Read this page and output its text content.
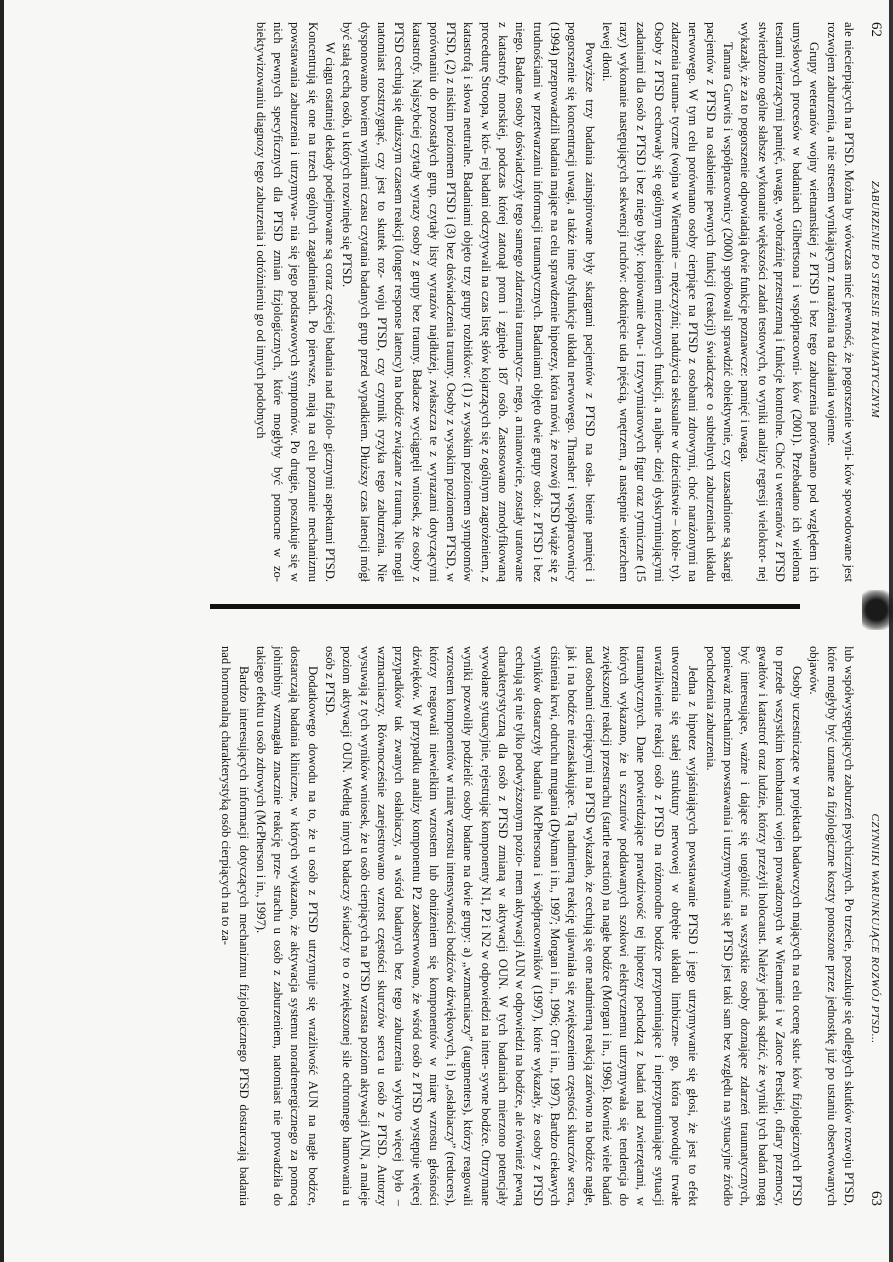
62
ZABURZENIE PO STRESIE TRAUMATYCZNYM

ale niecierpiących na PTSD. Można by wówczas mieć pewność, że pogorszenie wyni- ków spowodowane jest rozwojem zaburzenia, a nie stresem wynikającym z narażenia na działania wojenne.

Grupy weteranów wojny wietnamskiej z PTSD i bez tego zaburzenia porównano pod względem ich umysłowych procesów w badaniach Gilbertsona i współpracowni- ków (2001). Przebadano ich wieloma testami mierzącymi pamięć, uwagę, wyobraźnię przestrzenną i funkcje kontrolne. Choć u weteranów z PTSD stwierdzono ogólne słabsze wykonanie większości zadań testowych, to wyniki analizy regresji wielokrot- nej wykazały, że za to pogorszenie odpowiadają dwie funkcje poznawcze: pamięć i uwaga.

Tamara Gurwits i współpracownicy (2000) spróbowali sprawdzić obiektywnie, czy uzasadnione są skargi pacjentów z PTSD na osłabienie pewnych funkcji (reakcji) świadczące o subtelnych zaburzeniach układu nerwowego. W tym celu porównano osoby cierpiące na PTSD z osobami zdrowymi, choć narażonymi na zdarzenia trauma- tyczne (wojna w Wietnamie – mężczyźni; nadużycia seksualne w dzieciństwie – kobie- ty). Osoby z PTSD cechowały się ogólnym osłabieniem mierzonych funkcji, a najbar- dziej dyskryminującymi zadaniami dla osób z PTSD i bez niego były: kopiowanie dwu- i trzywymiarowych figur oraz rytmiczne (15 razy) wykonanie następujących sekwencji ruchów: dotknięcie uda pięścią, wnętrzem, a następnie wierzchem lewej dłoni.

Powyższe trzy badania zainspirowane były skargami pacjentów z PTSD na osła- bienie pamięci i pogorszenie się koncentracji uwagi, a także inne dysfunkcje układu nerwowego. Thrasher i współpracownicy (1994) przeprowadzili badania mające na celu sprawdzenie hipotezy, która mówi, że rozwój PTSD wiąże się z trudnościami w przetwarzaniu informacji traumatycznych. Badaniami objęto dwie grupy osób: z PTSD i bez niego. Badane osoby doświadczyły tego samego zdarzenia traumatycz- nego, a mianowicie, zostały uratowane z katastrofy morskiej, podczas której zatonął prom i zginęło 187 osób. Zastosowano zmodyfikowaną procedurę Stroopa, w któ- rej badani odczytywali na czas listę słów kojarzących się z ogólnym zagrożeniem, z katastrofą i słowa neutralne. Badaniami objęto trzy grupy rozbitków: (1) z wysokim poziomem symptomów PTSD, (2) z niskim poziomem PTSD i (3) bez doświadczenia traumy. Osoby z wysokim poziomem PTSD, w porównaniu do pozostałych grup, czytały listy wyrazów najdłużej, zwłaszcza te z wyrazami dotyczącymi katastrofy. Najszybciej czytały wyrazy osoby z grupy bez traumy. Badacze wyciągnęli wniosek, że osoby z PTSD cechują się dłuższym czasem reakcji (longer response latency) na bodźce związane z traumą. Nie mogli natomiast rozstrzygnąć, czy jest to skutek roz- woju PTSD, czy czynnik ryzyka tego zaburzenia. Nie dysponowano bowiem wynikami czasu czytania badanych grup przed wypadkiem. Dłuższy czas latencji mógł być stałą cechą osób, u których rozwinęło się PTSD.

W ciągu ostatniej dekady podejmowane są coraz częściej badania nad fizjolo- gicznymi aspektami PTSD. Koncentrują się one na trzech ogólnych zagadnieniach. Po pierwsze, mają na celu poznanie mechanizmu powstawania zaburzenia i utrzymywa- nia się jego podstawowych symptomów. Po drugie, poszukuje się w nich pewnych specyficznych dla PTSD zmian fizjologicznych, które mogłyby być pomocne w zo- biektywizowaniu diagnozy tego zaburzenia i odróżnieniu go od innych podobnych

CZYNNIKI WARUNKUJĄCE ROZWÓJ PTSD...
63

lub współwystępujących zaburzeń psychicznych. Po trzecie, poszukuje się odległych skutków rozwoju PTSD, które mogłyby być uznane za fizjologiczne koszty ponoszone przez jednostkę już po ustaniu obserwowanych objawów.

Osoby uczestniczące w projektach badawczych mających na celu ocenę skut- ków fizjologicznych PTSD to przede wszystkim kombatanci wojen prowadzonych w Wietnamie i w Zatoce Perskiej, ofiary przemocy, gwałtów i katastrof oraz ludzie, którzy przeżyli holocaust. Należy jednak sądzić, że wyniki tych badań mogą być interesujące, ważne i dające się uogólnić na wszystkie osoby doznające zdarzeń traumatycznych, ponieważ mechanizm powstawania i utrzymywania się PTSD jest taki sam bez względu na sytuacyjne źródło pochodzenia zaburzenia.

Jedna z hipotez wyjaśniających powstawanie PTSD i jego utrzymywanie się głosi, że jest to efekt utworzenia się stałej struktury nerwowej w obrębie układu limbiczne- go, która powoduje trwałe uwrażliwienie reakcji osób z PTSD na różnorodne bodźce przypominające i nieprzypominające sytuacji traumatycznych. Dane potwierdzające prawdziwość tej hipotezy pochodzą z badań nad zwierzętami, w których wykazano, że u szczurów poddawanych szokowi elektrycznemu utrzymywała się tendencja do zwiększonej reakcji przestrachu (startle reaction) na nagłe bodźce (Morgan i in., 1996). Również wiele badań nad osobami cierpiącymi na PTSD wykazało, że cechują się one nadmierną reakcją zarówno na bodźce nagłe, jak i na bodźce niezaskakujące. Tą nadmierną reakcję ujawniała się zwiększeniem częstości skurczów serca, ciśnienia krwi, odruchu mrugania (Dykman i in., 1997; Morgan i in., 1996; Orr i in., 1997). Bardzo ciekawych wyników dostarczyły badania McPhersona i współpracowników (1997), które wykazały, że osoby z PTSD cechują się nie tylko podwyższonym pozio- mem aktywacji AUN w odpowiedzi na bodźce, ale również pewną charakterystyczną dla osób z PTSD zmianą w aktywacji OUN. W tych badaniach mierzono potencjały wywołane sytuacyjnie, rejestrując komponenty N1, P2 i N2 w odpowiedzi na inten- sywne bodźce. Otrzymane wyniki pozwoliły podzielić osoby badane na dwie grupy: a) „wzmacniaczy” (augmenters), którzy reagowali wzrostem komponentów w miarę wzrostu intensywności bodźców dźwiękowych, i b) „osłabiaczy” (reducers), którzy reagowali niewielkim wzrostem lub obniżeniem się komponentów w miarę wzrostu głośności dźwięków. W przypadku analizy komponentu P2 zaobserwowano, że wśród osób z PTSD występuje więcej przypadków tak zwanych osłabiaczy, a wśród badanych bez tego zaburzenia wykryto więcej było – wzmacniaczy. Równocześnie zarejestrowano wzrost częstości skurczów serca u osób z PTSD. Autorzy wysuwają z tych wyników wniosek, że u osób cierpiących na PTSD wzrasta poziom aktywacji AUN, a maleje poziom aktywacji OUN. Według innych badaczy świadczy to o zwiększonej sile ochronnego hamowania u osób z PTSD.

Dodatkowego dowodu na to, że u osób z PTSD utrzymuje się wrażliwość AUN na nagłe bodźce, dostarczają badania kliniczne, w których wykazano, że aktywacja systemu noradrenergicznego za pomocą johimbiny wzmagała znacznie reakcję prze- strachu u osób z zaburzeniem, natomiast nie prowadziła do takiego efektu u osób zdrowych (McPherson i in., 1997).

Bardzo interesujących informacji dotyczących mechanizmu fizjologicznego PTSD dostarczają badania nad hormonalną charakterystyką osób cierpiących na to za-
